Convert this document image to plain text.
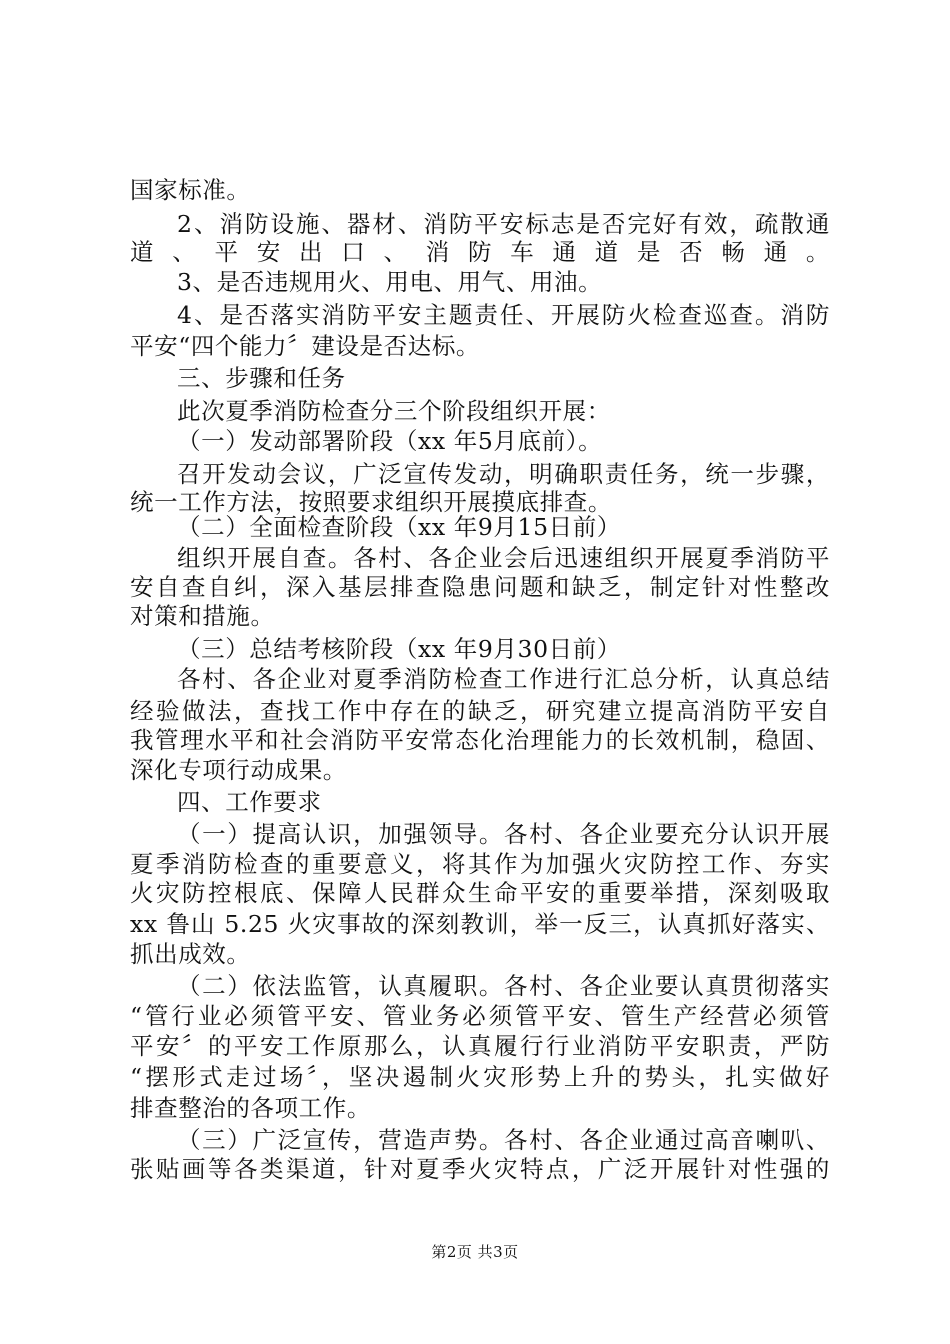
国家标准。
2、消防设施、器材、消防平安标志是否完好有效，疏散通
道、平安出口、消防车通道是否畅通。
3、是否违规用火、用电、用气、用油。
4、是否落实消防平安主题责任、开展防火检查巡查。消防
平安“四个能力〞建设是否达标。
三、步骤和任务
此次夏季消防检查分三个阶段组织开展：
（一）发动部署阶段（xx 年5月底前）。
召开发动会议，广泛宣传发动，明确职责任务，统一步骤，
统一工作方法，按照要求组织开展摸底排查。
（二）全面检查阶段（xx 年9月15日前）
组织开展自查。各村、各企业会后迅速组织开展夏季消防平
安自查自纠，深入基层排查隐患问题和缺乏，制定针对性整改
对策和措施。
（三）总结考核阶段（xx 年9月30日前）
各村、各企业对夏季消防检查工作进行汇总分析，认真总结
经验做法，查找工作中存在的缺乏，研究建立提高消防平安自
我管理水平和社会消防平安常态化治理能力的长效机制，稳固、
深化专项行动成果。
四、工作要求
（一）提高认识，加强领导。各村、各企业要充分认识开展
夏季消防检查的重要意义，将其作为加强火灾防控工作、夯实
火灾防控根底、保障人民群众生命平安的重要举措，深刻吸取
xx 鲁山 5.25 火灾事故的深刻教训，举一反三，认真抓好落实、
抓出成效。
（二）依法监管，认真履职。各村、各企业要认真贯彻落实
“管行业必须管平安、管业务必须管平安、管生产经营必须管
平安〞的平安工作原那么，认真履行行业消防平安职责，严防
“摆形式走过场〞，坚决遏制火灾形势上升的势头，扎实做好
排查整治的各项工作。
（三）广泛宣传，营造声势。各村、各企业通过高音喇叭、
张贴画等各类渠道，针对夏季火灾特点，广泛开展针对性强的
第2页 共3页
